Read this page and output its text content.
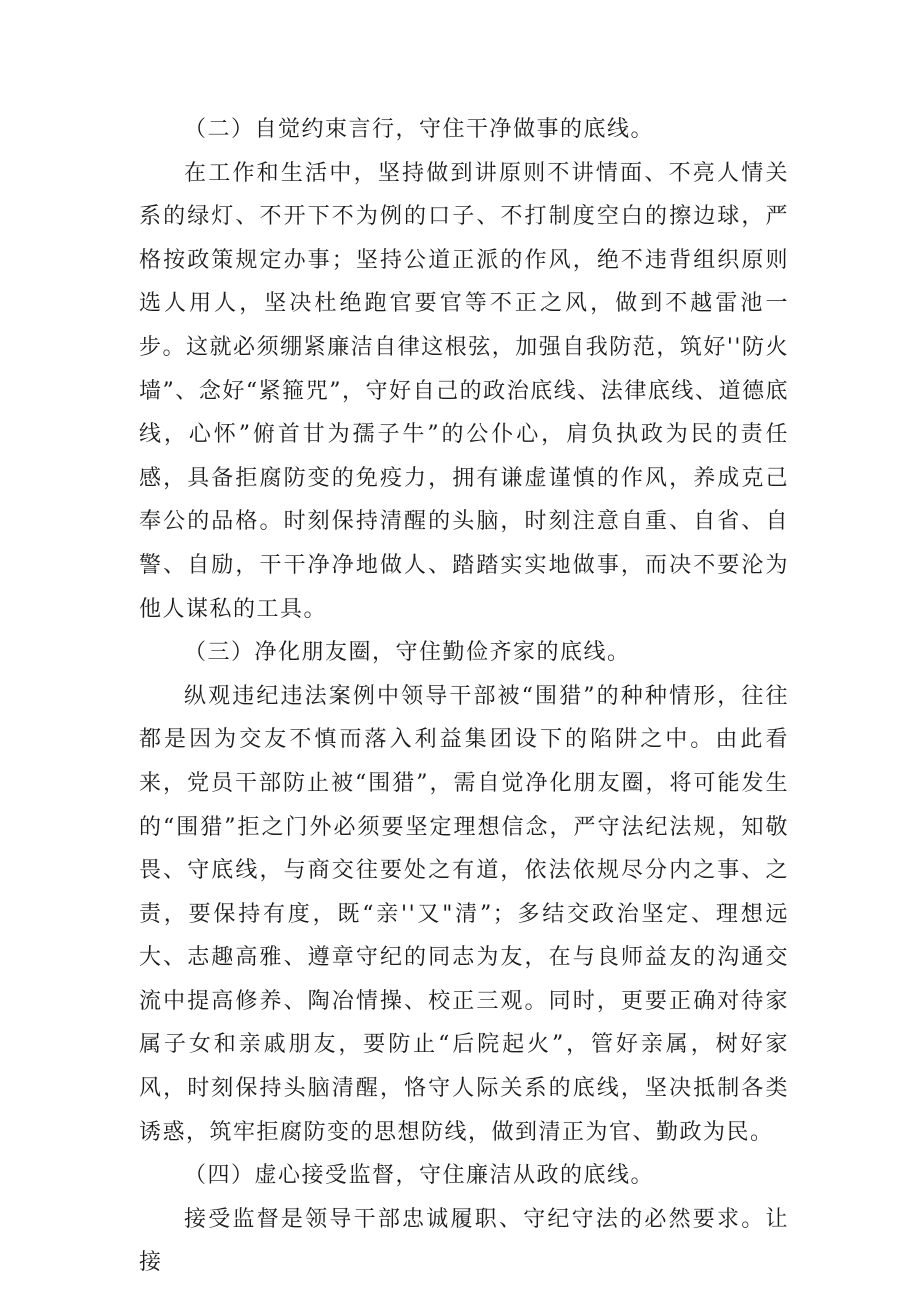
（二）自觉约束言行，守住干净做事的底线。

在工作和生活中，坚持做到讲原则不讲情面、不亮人情关系的绿灯、不开下不为例的口子、不打制度空白的擦边球，严格按政策规定办事；坚持公道正派的作风，绝不违背组织原则选人用人，坚决杜绝跑官要官等不正之风，做到不越雷池一步。这就必须绷紧廉洁自律这根弦，加强自我防范，筑好''防火墙”、念好“紧箍咒”，守好自己的政治底线、法律底线、道德底线，心怀”俯首甘为孺子牛”的公仆心，肩负执政为民的责任感，具备拒腐防变的免疫力，拥有谦虚谨慎的作风，养成克己奉公的品格。时刻保持清醒的头脑，时刻注意自重、自省、自警、自励，干干净净地做人、踏踏实实地做事，而决不要沦为他人谋私的工具。

（三）净化朋友圈，守住勤俭齐家的底线。

纵观违纪违法案例中领导干部被“围猎”的种种情形，往往都是因为交友不慎而落入利益集团设下的陷阱之中。由此看来，党员干部防止被“围猎”，需自觉净化朋友圈，将可能发生的“围猎”拒之门外必须要坚定理想信念，严守法纪法规，知敬畏、守底线，与商交往要处之有道，依法依规尽分内之事、之责，要保持有度，既“亲''又"清”；多结交政治坚定、理想远大、志趣高雅、遵章守纪的同志为友，在与良师益友的沟通交流中提高修养、陶冶情操、校正三观。同时，更要正确对待家属子女和亲戚朋友，要防止“后院起火”，管好亲属，树好家风，时刻保持头脑清醒，恪守人际关系的底线，坚决抵制各类诱惑，筑牢拒腐防变的思想防线，做到清正为官、勤政为民。

（四）虚心接受监督，守住廉洁从政的底线。

接受监督是领导干部忠诚履职、守纪守法的必然要求。让接
